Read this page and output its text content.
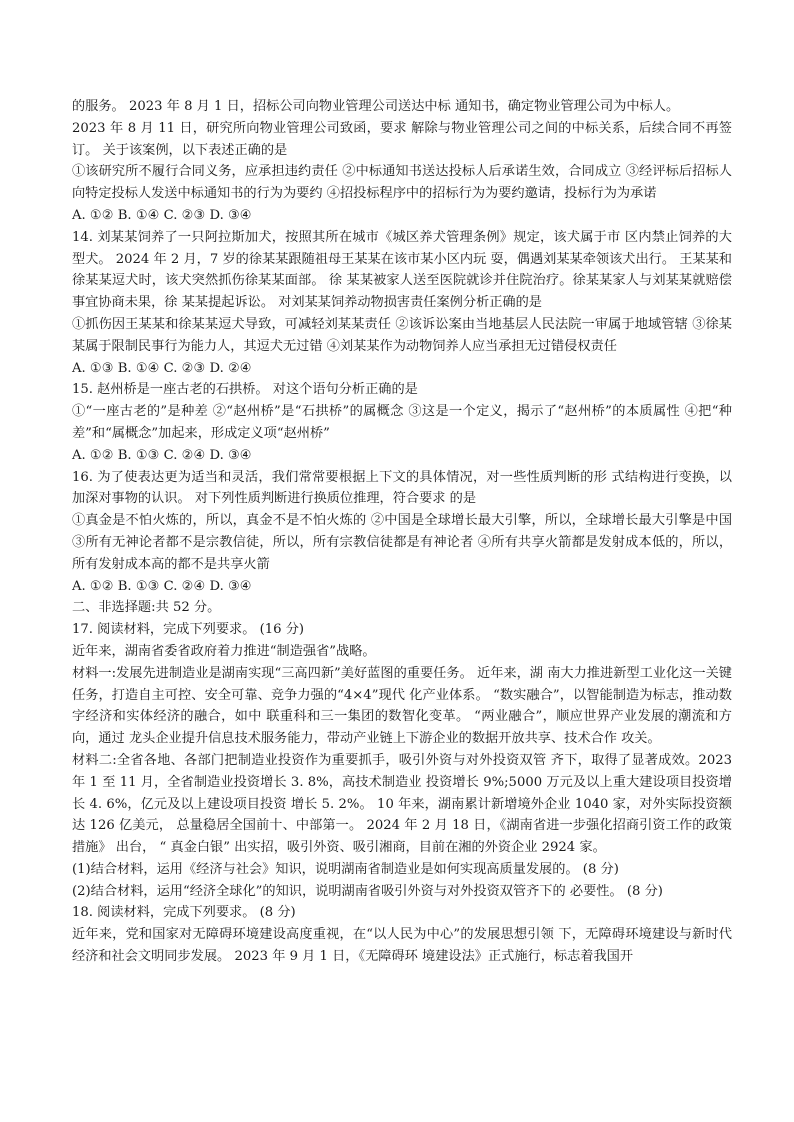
的服务。 2023 年 8 月 1 日，招标公司向物业管理公司送达中标 通知书，确定物业管理公司为中标人。

2023 年 8 月 11 日，研究所向物业管理公司致函，要求 解除与物业管理公司之间的中标关系，后续合同不再签订。 关于该案例，以下表述正确的是

①该研究所不履行合同义务，应承担违约责任 ②中标通知书送达投标人后承诺生效，合同成立 ③经评标后招标人向特定投标人发送中标通知书的行为为要约 ④招投标程序中的招标行为为要约邀请，投标行为为承诺

A. ①② B. ①④ C. ②③ D. ③④

14. 刘某某饲养了一只阿拉斯加犬，按照其所在城市《城区养犬管理条例》规定，该犬属于市 区内禁止饲养的大型犬。 2024 年 2 月，7 岁的徐某某跟随祖母王某某在该市某小区内玩 耍，偶遇刘某某牵领该犬出行。 王某某和徐某某逗犬时，该犬突然抓伤徐某某面部。 徐 某某被家人送至医院就诊并住院治疗。徐某某家人与刘某某就赔偿事宜协商未果，徐 某某提起诉讼。 对刘某某饲养动物损害责任案例分析正确的是

①抓伤因王某某和徐某某逗犬导致，可减轻刘某某责任 ②该诉讼案由当地基层人民法院一审属于地域管辖 ③徐某某属于限制民事行为能力人，其逗犬无过错 ④刘某某作为动物饲养人应当承担无过错侵权责任

A. ①③ B. ①④ C. ②③ D. ②④

15. 赵州桥是一座古老的石拱桥。 对这个语句分析正确的是

①“一座古老的”是种差 ②“赵州桥”是“石拱桥”的属概念 ③这是一个定义，揭示了“赵州桥”的本质属性 ④把“种差”和“属概念”加起来，形成定义项“赵州桥”

A. ①② B. ①③ C. ②④ D. ③④

16. 为了使表达更为适当和灵活，我们常常要根据上下文的具体情况，对一些性质判断的形 式结构进行变换，以加深对事物的认识。 对下列性质判断进行换质位推理，符合要求 的是

①真金是不怕火炼的，所以，真金不是不怕火炼的 ②中国是全球增长最大引擎，所以，全球增长最大引擎是中国 ③所有无神论者都不是宗教信徒，所以，所有宗教信徒都是有神论者 ④所有共享火箭都是发射成本低的，所以，所有发射成本高的都不是共享火箭

A. ①② B. ①③ C. ②④ D. ③④

二、非选择题:共 52 分。

17. 阅读材料，完成下列要求。 (16 分)

近年来，湖南省委省政府着力推进“制造强省”战略。

材料一:发展先进制造业是湖南实现“三高四新”美好蓝图的重要任务。 近年来，湖 南大力推进新型工业化这一关键任务，打造自主可控、安全可靠、竞争力强的“4×4”现代 化产业体系。 “数实融合”，以智能制造为标志，推动数字经济和实体经济的融合，如中 联重科和三一集团的数智化变革。 “两业融合”，顺应世界产业发展的潮流和方向，通过 龙头企业提升信息技术服务能力，带动产业链上下游企业的数据开放共享、技术合作 攻关。

材料二:全省各地、各部门把制造业投资作为重要抓手，吸引外资与对外投资双管 齐下，取得了显著成效。2023 年 1 至 11 月，全省制造业投资增长 3. 8%，高技术制造业 投资增长 9%;5000 万元及以上重大建设项目投资增长 4. 6%，亿元及以上建设项目投资 增长 5. 2%。 10 年来，湖南累计新增境外企业 1040 家，对外实际投资额达 126 亿美元， 总量稳居全国前十、中部第一。 2024 年 2 月 18 日，《湖南省进一步强化招商引资工作的政策措施》 出台， “ 真金白银” 出实招，吸引外资、吸引湘商，目前在湘的外资企业 2924 家。

(1)结合材料，运用《经济与社会》知识，说明湖南省制造业是如何实现高质量发展的。 (8 分)

(2)结合材料，运用“经济全球化”的知识，说明湖南省吸引外资与对外投资双管齐下的 必要性。 (8 分)

18. 阅读材料，完成下列要求。 (8 分)

近年来，党和国家对无障碍环境建设高度重视，在“以人民为中心”的发展思想引领 下，无障碍环境建设与新时代经济和社会文明同步发展。 2023 年 9 月 1 日，《无障碍环 境建设法》正式施行，标志着我国开
